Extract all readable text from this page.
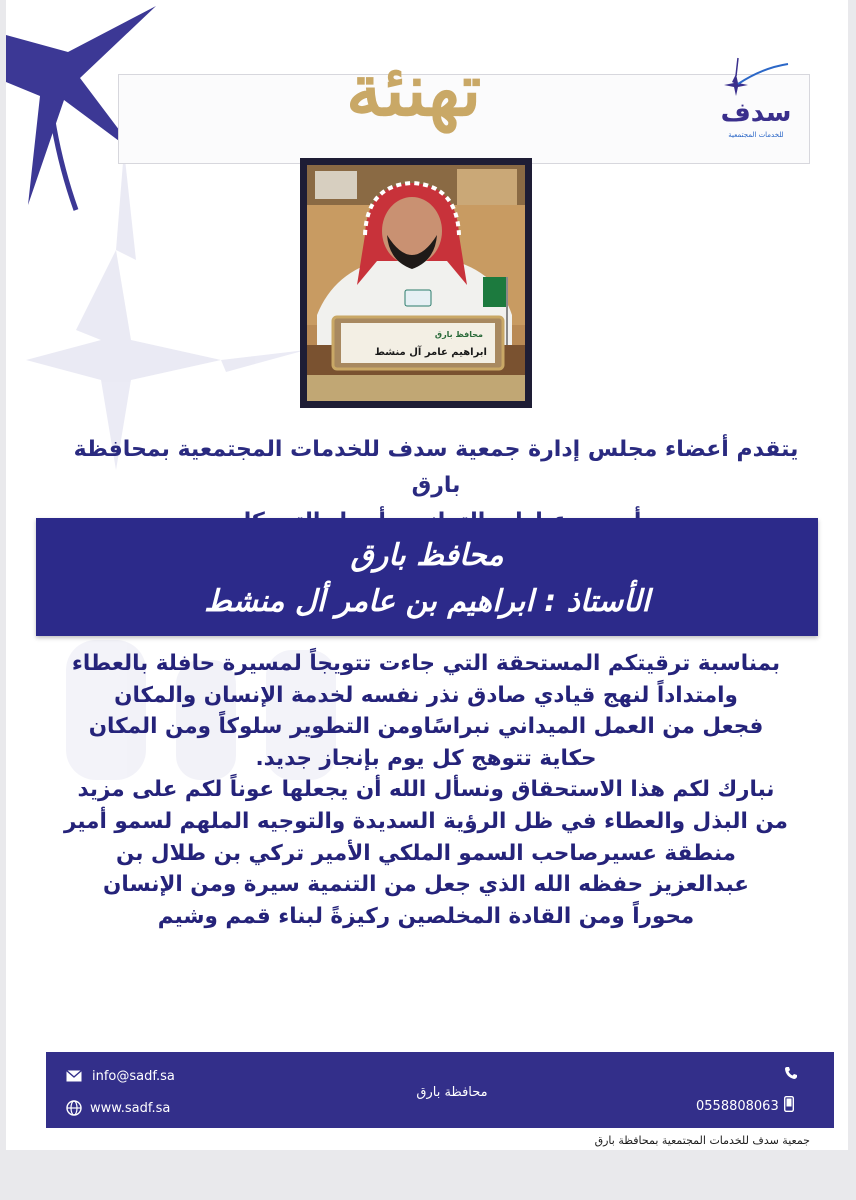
تهنئة	سدف
للخدمات المجتمعية
محافظ بارق
ابراهيم عامر آل منشط
يتقدم أعضاء مجلس إدارة جمعية سدف للخدمات المجتمعية بمحافظة بارق
محافظ بارق
الأستاذ : ابراهيم بن عامر أل منشط
بمناسبة ترقيتكم المستحقة التي جاءت تتويجاً لمسيرة حافلة بالعطاء
وامتداداً لنهج قيادي صادق نذر نفسه لخدمة الإنسان والمكان
فجعل من العمل الميداني نبراسًاومن التطوير سلوكاً ومن المكان
حكاية تتوهج كل يوم بإنجاز جديد.
نبارك لكم هذا الاستحقاق ونسأل الله أن يجعلها عوناً لكم على مزيد
من البذل والعطاء في ظل الرؤية السديدة والتوجيه الملهم لسمو أمير
منطقة عسيرصاحب السمو الملكي الأمير تركي بن طلال بن
عبدالعزيز حفظه الله الذي جعل من التنمية سيرة ومن الإنسان
محوراً ومن القادة المخلصين ركيزةً لبناء قمم وشيم
info@sadf.sa
www.sadf.sa
محافظة بارق
0558808063
جمعية سدف للخدمات المجتمعية بمحافظة بارق
